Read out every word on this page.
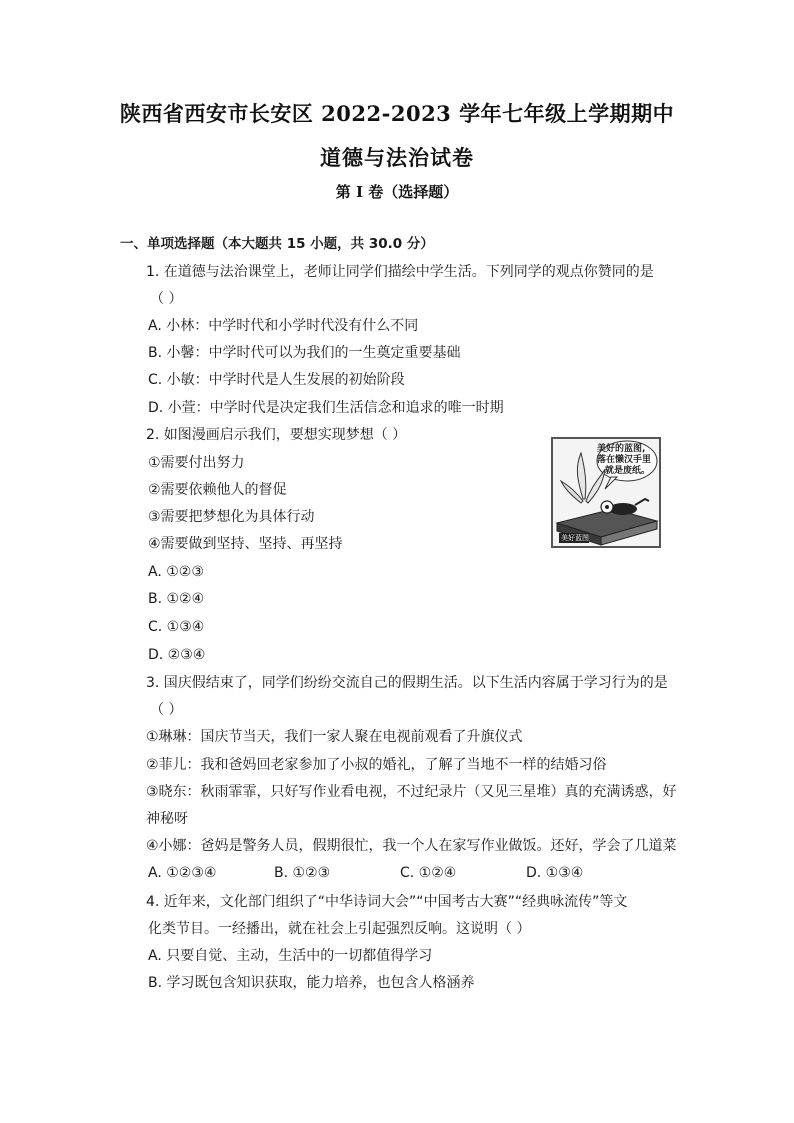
陕西省西安市长安区 2022-2023 学年七年级上学期期中
道德与法治试卷
第 I 卷（选择题）
一、单项选择题（本大题共 15 小题，共 30.0 分）
1. 在道德与法治课堂上，老师让同学们描绘中学生活。下列同学的观点你赞同的是
（ ）
A. 小林：中学时代和小学时代没有什么不同
B. 小馨：中学时代可以为我们的一生奠定重要基础
C. 小敏：中学时代是人生发展的初始阶段
D. 小萱：中学时代是决定我们生活信念和追求的唯一时期
2. 如图漫画启示我们，要想实现梦想（ ）
①需要付出努力
②需要依赖他人的督促
③需要把梦想化为具体行动
④需要做到坚持、坚持、再坚持
A. ①②③
B. ①②④
C. ①③④
D. ②③④
美好的蓝图,
落在懒汉手里
就是废纸。
美好蓝图
3. 国庆假结束了，同学们纷纷交流自己的假期生活。以下生活内容属于学习行为的是
（ ）
①琳琳：国庆节当天，我们一家人聚在电视前观看了升旗仪式
②菲儿：我和爸妈回老家参加了小叔的婚礼，了解了当地不一样的结婚习俗
③晓东：秋雨霏霏，只好写作业看电视，不过纪录片（又见三星堆）真的充满诱惑，好
神秘呀
④小娜：爸妈是警务人员，假期很忙，我一个人在家写作业做饭。还好，学会了几道菜
A. ①②③④	B. ①②③	C. ①②④	D. ①③④
4. 近年来，文化部门组织了“中华诗词大会”“中国考古大赛”“经典咏流传”等文
化类节目。一经播出，就在社会上引起强烈反响。这说明（ ）
A. 只要自觉、主动，生活中的一切都值得学习
B. 学习既包含知识获取，能力培养，也包含人格涵养
